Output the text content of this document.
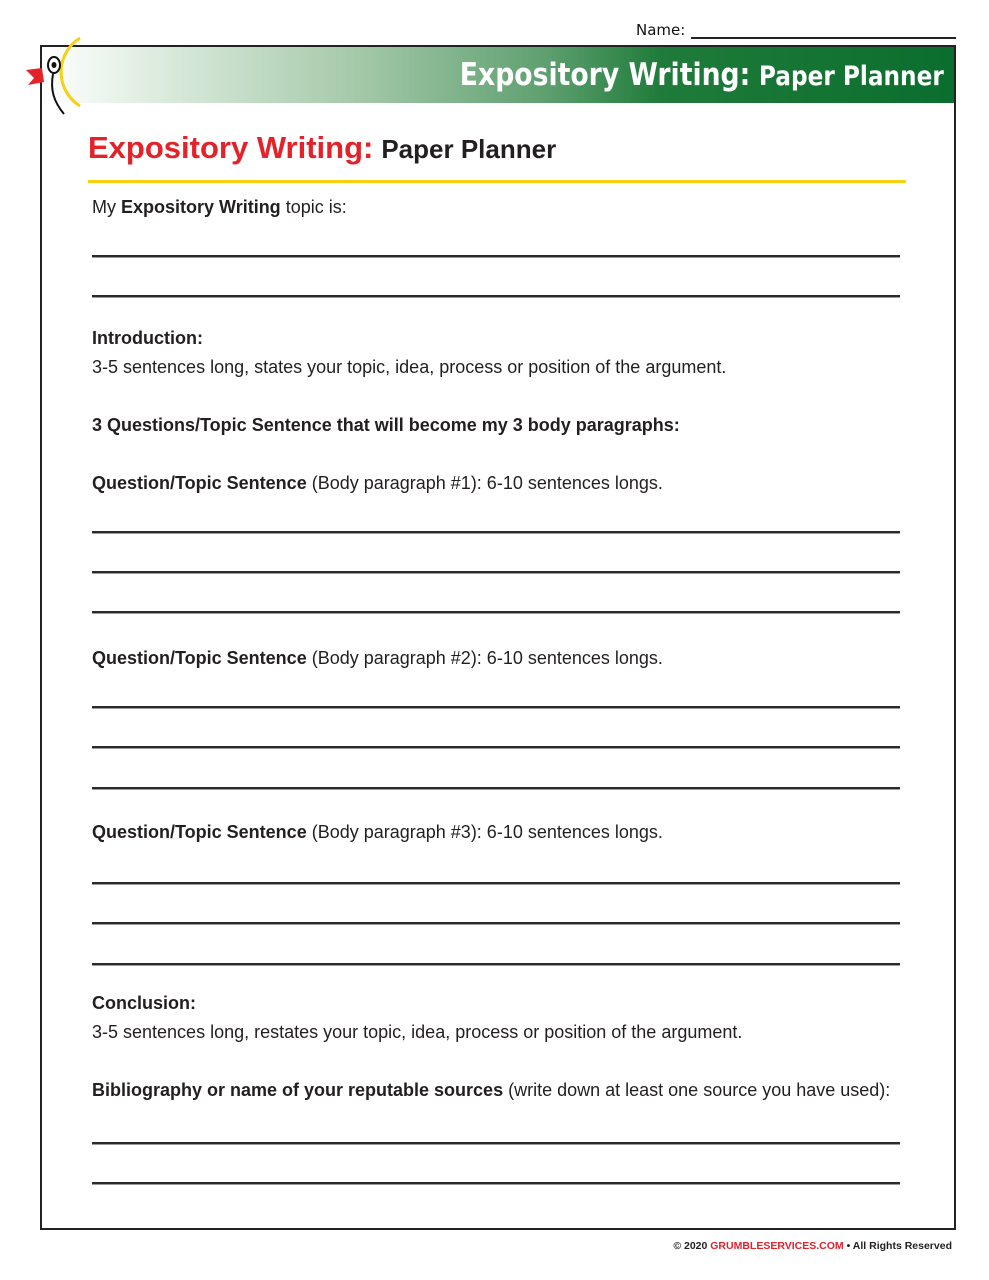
Name:
Expository Writing: Paper Planner
Expository Writing: Paper Planner
My Expository Writing topic is:
Introduction:
3-5 sentences long, states your topic, idea, process or position of the argument.
3 Questions/Topic Sentence that will become my 3 body paragraphs:
Question/Topic Sentence (Body paragraph #1): 6-10 sentences longs.
Question/Topic Sentence (Body paragraph #2): 6-10 sentences longs.
Question/Topic Sentence (Body paragraph #3): 6-10 sentences longs.
Conclusion:
3-5 sentences long, restates your topic, idea, process or position of the argument.
Bibliography or name of your reputable sources (write down at least one source you have used):
© 2020 GRUMBLESERVICES.COM • All Rights Reserved
